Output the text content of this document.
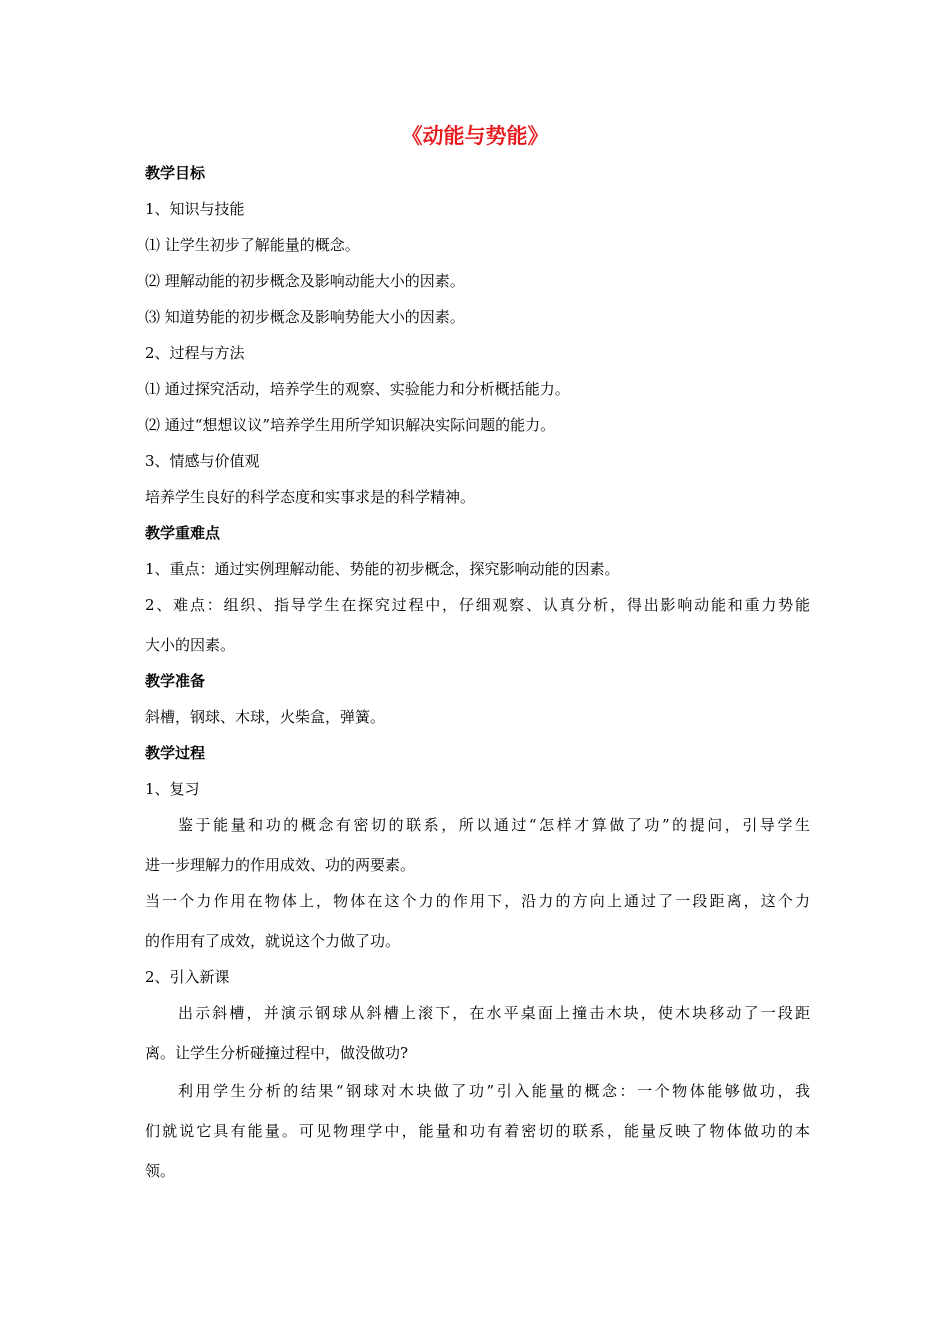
《动能与势能》
教学目标
1、知识与技能
⑴ 让学生初步了解能量的概念。
⑵ 理解动能的初步概念及影响动能大小的因素。
⑶ 知道势能的初步概念及影响势能大小的因素。
2、过程与方法
⑴ 通过探究活动，培养学生的观察、实验能力和分析概括能力。
⑵ 通过“想想议议”培养学生用所学知识解决实际问题的能力。
3、情感与价值观
培养学生良好的科学态度和实事求是的科学精神。
教学重难点
1、重点：通过实例理解动能、势能的初步概念，探究影响动能的因素。
2、难点：组织、指导学生在探究过程中，仔细观察、认真分析，得出影响动能和重力势能
大小的因素。
教学准备
斜槽，钢球、木球，火柴盒，弹簧。
教学过程
1、复习
鉴于能量和功的概念有密切的联系，所以通过“怎样才算做了功”的提问，引导学生
进一步理解力的作用成效、功的两要素。
当一个力作用在物体上，物体在这个力的作用下，沿力的方向上通过了一段距离，这个力
的作用有了成效，就说这个力做了功。
2、引入新课
出示斜槽，并演示钢球从斜槽上滚下，在水平桌面上撞击木块，使木块移动了一段距
离。让学生分析碰撞过程中，做没做功?
利用学生分析的结果“钢球对木块做了功”引入能量的概念：一个物体能够做功，我
们就说它具有能量。可见物理学中，能量和功有着密切的联系，能量反映了物体做功的本
领。
